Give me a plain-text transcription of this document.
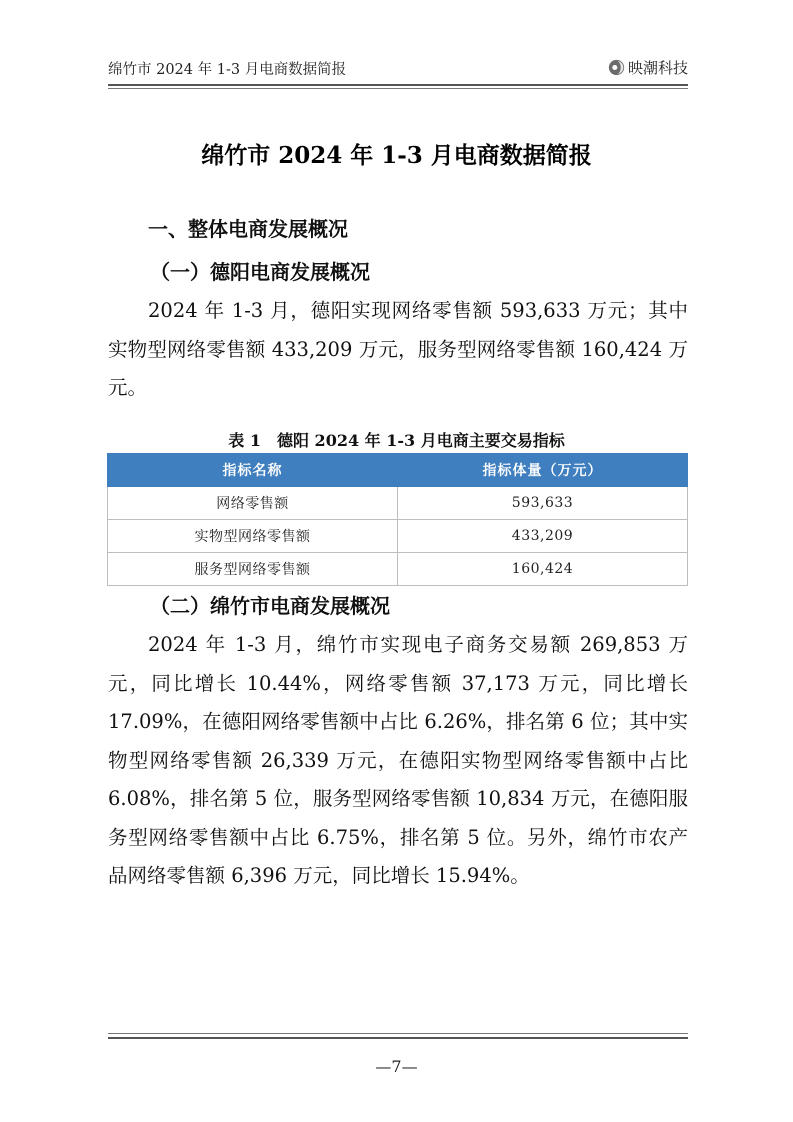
绵竹市 2024 年 1-3 月电商数据简报	映潮科技
绵竹市 2024 年 1-3 月电商数据简报
一、整体电商发展概况
（一）德阳电商发展概况
2024 年 1-3 月，德阳实现网络零售额 593,633 万元；其中实物型网络零售额 433,209 万元，服务型网络零售额 160,424 万元。
表 1　德阳 2024 年 1-3 月电商主要交易指标
指标名称	指标体量（万元）
网络零售额	593,633
实物型网络零售额	433,209
服务型网络零售额	160,424
（二）绵竹市电商发展概况
2024 年 1-3 月，绵竹市实现电子商务交易额 269,853 万元，同比增长 10.44%，网络零售额 37,173 万元，同比增长 17.09%，在德阳网络零售额中占比 6.26%，排名第 6 位；其中实物型网络零售额 26,339 万元，在德阳实物型网络零售额中占比 6.08%，排名第 5 位，服务型网络零售额 10,834 万元，在德阳服务型网络零售额中占比 6.75%，排名第 5 位。另外，绵竹市农产品网络零售额 6,396 万元，同比增长 15.94%。
—7—
